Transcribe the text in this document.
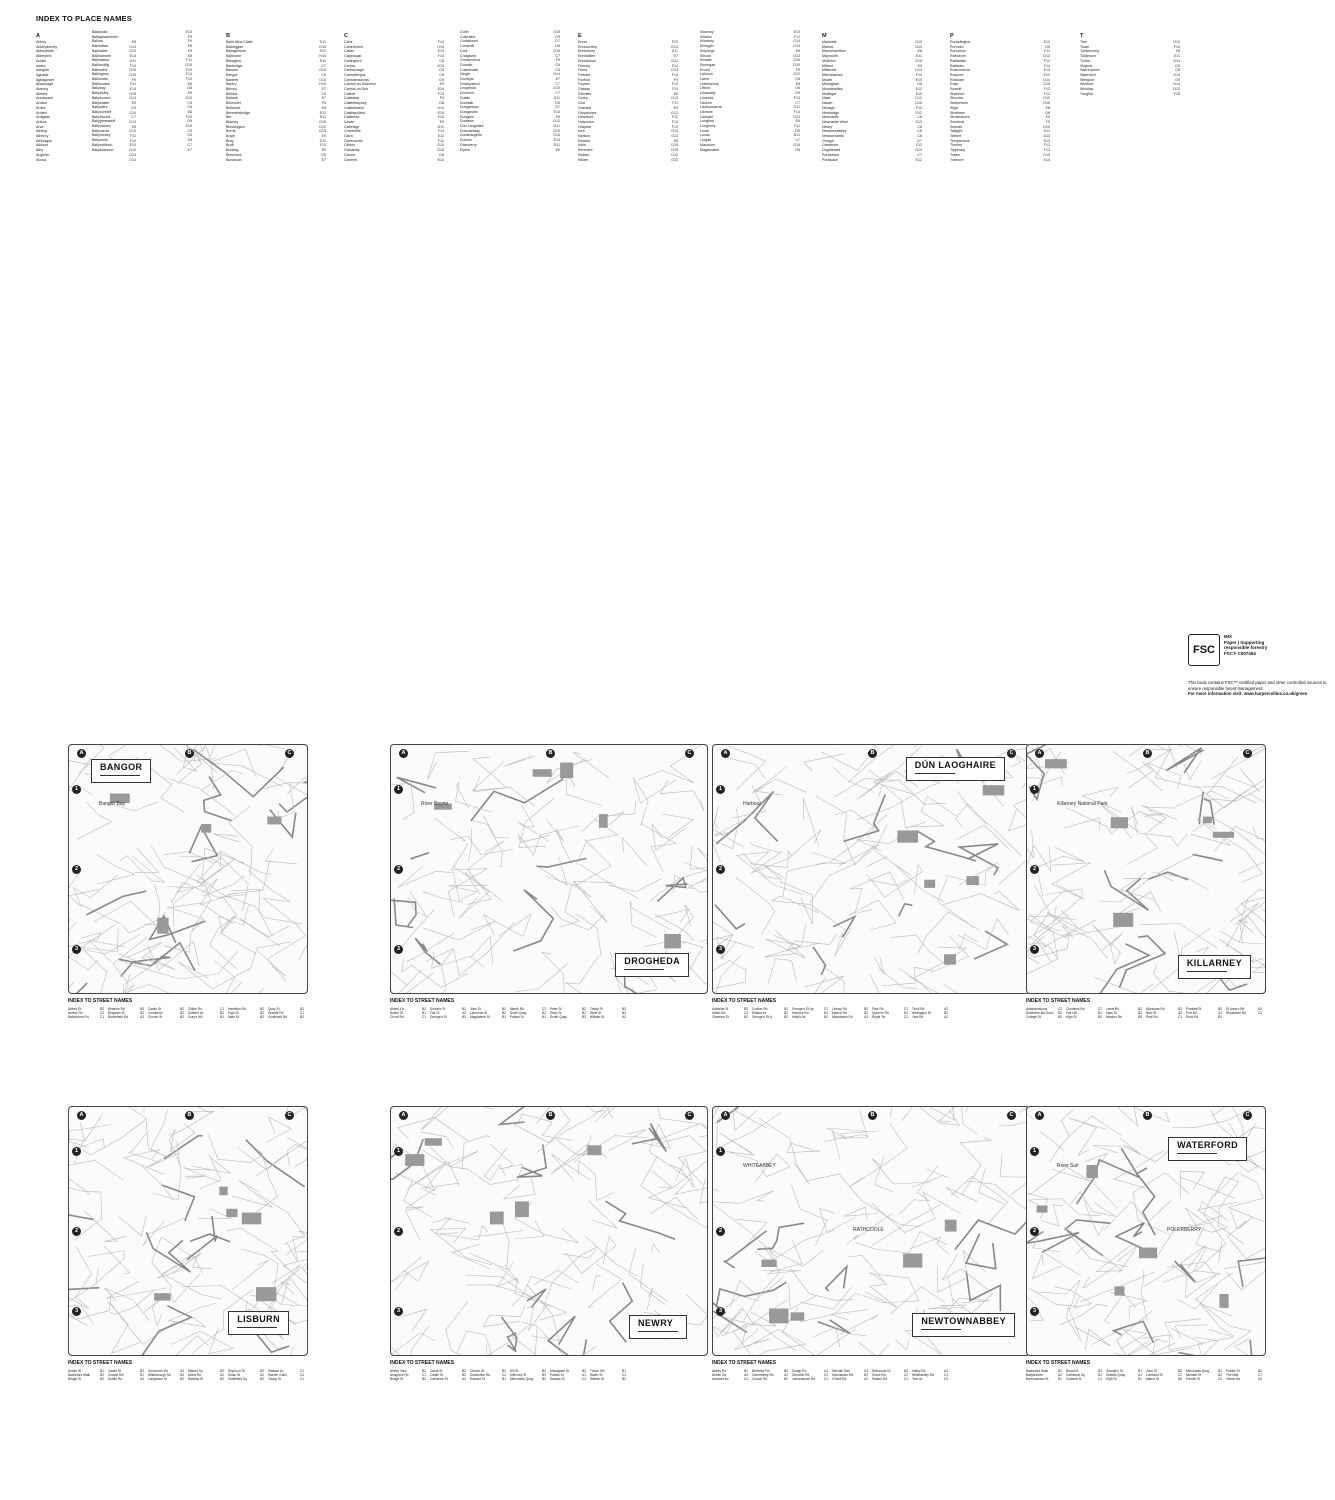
INDEX TO PLACE NAMES
A
Abbey	E8
Abbeydorney	G14
Abbeyfeale	G13
Abbeyleix	E14
Aclare	G11
Adare	F13
Adrigole	H15
Aghada	G15
Aghagower	F9
Ahascragh	F11
Ahenny	E14
Allihies	H15
Annascaul	G14
Ardara	E5
Ardee	D9
Ardfert	G14
Ardglass	C7
Arklow	D13
Arva	E8
Athboy	D10
Athenry	F11
Athleague	F10
Athlone	E10
Athy	D12
Aughrim	D13
Avoca	D13
Ballacolla	E13
Ballaghaderreen	F9
Ballina	F9
Ballinafad	E8
Ballinalee	E9
Ballinamore	E8
Ballinasloe	F11
Ballincollig	G15
Ballindine	F10
Ballingarry	F13
Ballinrobe	F10
Ballisodare	E8
Ballybay	D8
Ballybofey	E6
Ballybunion	G13
Ballycastle	C5
Ballyclare	C6
Ballyconnell	E8
Ballyhaunis	F10
Ballyjamesduff	D9
Ballymahon	E10
Ballymena	C6
Ballymoney	C5
Ballymote	E8
Ballynahinch	C7
Ballyshannon	E7
B
Baile Átha Cliath	D11
Balbriggan	D10
Ballaghmore	E12
Baltimore	H16
Banagher	E11
Banbridge	C7
Bandon	G15
Bangor	C6
Banteer	G14
Bantry	H15
Belcoo	E7
Belfast	C6
Belleek	E7
Belmullet	F8
Belturbet	E8
Bennettsbridge	E13
Birr	E11
Blarney	G15
Blessington	D12
Borris	D13
Boyle	E9
Bray	D11
Bruff	F13
Bunbeg	E5
Buncrana	D5
Bundoran	E7
C
Cahir	F14
Cahirciveen	H15
Callan	E13
Cappoquin	F14
Carlingford	C8
Carlow	D13
Carndonagh	D5
Carrickfergus	C6
Carrickmacross	D9
Carrick-on-Shannon	E9
Carrick-on-Suir	E14
Cashel	F13
Castlebar	F9
Castleblayney	D8
Castleisland	G14
Castlepollard	E10
Castlerea	F10
Cavan	E9
Celbridge	D11
Charleville	F14
Clara	E11
Claremorris	F10
Clifden	G10
Clonakilty	G15
Clones	D8
Clonmel	E14
Cobh	G15
Coleraine	D5
Cookstown	D7
Cootehill	D8
Cork	G15
Craigavon	C7
Crossmolina	F9
Crumlin	C6
Cushendall	C5
Dingle	H14
Donegal	E7
Downpatrick	C7
Drogheda	D10
Dromore	C7
Dublin	D11
Dundalk	D9
Dungannon	D7
Dungarvan	E14
Dunglow	E6
Dunlavin	D12
Dún Laoghaire	D11
Dunmanway	G15
Dunshaughlin	D10
Durrow	E13
Edenderry	D11
Elphin	E9
E
Ennis	F12
Enniscorthy	D13
Enniskerry	D11
Enniskillen	E7
Ennistimon	G12
Fermoy	F14
Ferns	D13
Fethard	F14
Foxford	F9
Foynes	F13
Galway	F11
Glenties	E6
Gorey	D13
Gort	F11
Granard	E9
Greystones	D12
Headford	F10
Holycross	F13
Hospital	F13
Inch	G14
Kanturk	G14
Keadue	E8
Kells	D10
Kenmare	H15
Kildare	D12
Kilkee	G13
Kilkenny	E13
Killaloe	F12
Killarney	G14
Killorglin	G14
Killybegs	E6
Kilrush	G13
Kinsale	G15
Kinnegad	D10
Knock	F9
Lahinch	G12
Larne	C6
Letterkenny	E5
Lifford	D6
Limavady	D5
Limerick	F13
Lisburn	C7
Lisdoonvarna	G11
Lismore	F14
Listowel	G13
Longford	E9
Loughrea	F11
Louth	D9
Lucan	D11
Lurgan	C7
Macroom	G15
Magherafelt	D6
M
Malahide	D10
Mallow	G14
Manorhamilton	E8
Maynooth	D11
Midleton	G15
Milford	E5
Millstreet	G14
Mitchelstown	F14
Moate	E10
Monaghan	D8
Mountmellick	E12
Mullingar	E10
Naas	D12
Navan	D10
Nenagh	F12
Newbridge	D12
Newcastle	C8
Newcastle West	G13
Newry	C8
Newtownabbey	C6
Newtownards	C6
Omagh	D7
Oranmore	F11
Oughterard	G10
Portadown	C7
Portlaoise	E12
P
Portarlington	E12
Portrush	D5
Portumna	F11
Rathdrum	D12
Rathkeale	F13
Rathluirc	F14
Roscommon	E10
Roscrea	E12
Rosslare	D14
Rush	D10
Scarriff	F12
Shannon	F12
Skerries	D10
Skibbereen	H16
Sligo	E8
Strabane	D6
Strokestown	E9
Swinford	F9
Swords	D10
Tallaght	D11
Tarbert	G13
Templemore	E13
Thurles	F13
Tipperary	F13
Tralee	G14
Tramore	E14
T
Trim	D10
Tuam	F10
Tubbercurry	F8
Tullamore	E11
Tullow	D13
Virginia	D9
Warrenpoint	C8
Waterford	E14
Westport	G9
Wexford	D14
Wicklow	D12
Youghal	F15
FSC
MIX
Paper | Supporting
responsible forestry
FSC® C007494
This book contains FSC™ certified paper and other controlled sources to ensure responsible forest management.
For more information visit: www.harpercollins.co.uk/green
A	B	C
1
2
3
Bangor Bay
BANGOR
INDEX TO STREET NAMES
Abbey St	B2
Ashley Rd	C3
Ballyholme Rd	C1
Beatrice Rd	B3
Bingham St	B2
Bloomfield Rd	A3
Castle St	B2
Central Av	B2
Church St	B2
Clifton Rd	C1
Dufferin Av	B2
Gray's Hill	B1
Hamilton Rd	B2
High St	B2
Main St	B2
Quay St	B1
Seacliff Rd	C1
Southwell Rd	B2
A	B	C
1
2
3
River Boyne
DROGHEDA
INDEX TO STREET NAMES
Abbey La	B2
Bolton St	B1
Chord Rd	C1
Dominic St	B2
Fair St	A2
George's St	B2
John St	B2
Laurence St	B2
Magdalene St	B1
Marsh Rd	C2
North Quay	B2
Palace St	B1
Peter St	B2
Shop St	B2
South Quay	B3
Trinity St	B3
West St	B2
William St	A2
A	B	C
1
2
3
Harbour
DÚN LAOGHAIRE
INDEX TO STREET NAMES
Adelaide St	B2
Albert Rd	C3
Clarence St	B2
Crofton Rd	B1
Eblana Av	B2
George's St Lr	B2
George's St Up	C2
Harbour Rd	B1
Kelly's Av	B2
Library Rd	B2
Marine Rd	B2
Mounttown Rd	A3
Park Rd	C2
Queen's Rd	B1
Royal Ter	C2
Tivoli Rd	A2
Wellington St	B2
York Rd	A2
A	B	C
1
2
3
Killarney National Park
KILLARNEY
INDEX TO STREET NAMES
Ardshanavooly	C2
Bohereen Na Goun B2
College St	B2
Countess Rd	C2
Fair Hill	B1
High St	B2
Lewis Rd	B1
Main St	B2
Mission Rd	B3
Muckross Rd	B3
New St	A2
Park Rd	C1
Plunkett St	B2
Port Rd	A1
Rock Rd	B1
St Anne's Rd	A2
Woodlawn Rd	C3
A	B	C
1
2
3
LISBURN
INDEX TO STREET NAMES
Antrim St	B1
Bachelors Walk	B2
Bridge St	B2
Castle St	B2
Chapel Hill	B1
Dublin Rd	A3
Governors Rd	A3
Hillsborough Rd	B3
Longstone St	B2
Market Sq	B2
Moira Rd	A2
Railway St	B2
Seymour St	B2
Sloan St	A2
Smithfield Sq	B2
Wallace Av	C1
Warren Gdns	C2
Young St	C1
A	B	C
1
2
3
NEWRY
INDEX TO STREET NAMES
Abbey Yard	B2
Ashgrove Rd	C1
Bridge St	B2
Canal St	B2
Castle St	B2
Catherine St	A2
Church St	B2
Downshire Rd	C2
Edward St	B1
Hill St	B2
Kilmorey St	B3
Merchants Quay	B2
Monaghan St	B2
Patrick St	A1
Sandys St	C2
Trevor Hill	B1
Water St	C3
William St	B2
A	B	C
1
2
3
WHITEABBEY
RATHCOOLE
NEWTOWNABBEY
INDEX TO STREET NAMES
Abbey Rd	B1
Antrim Rd	A3
Ardmore Av	C2
Beverley Rd	B2
Carnmoney Rd	A1
Church Rd	B2
Doagh Rd	A1
Glenville Rd	C2
Jordanstown Rd	C1
Merville Gdn	C3
Monkstown Rd	B1
O'Neill Rd	A2
Rathcoole Dr	B2
Shore Rd	C2
Station Rd	C1
Valley Rd	A2
Whiteabbey Rd	C1
York Av	C3
A	B	C
1
2
3
River Suir
POLERBERRY
WATERFORD
INDEX TO STREET NAMES
Bachelors Walk	B2
Ballybricken	A2
Barronstrand St	B1
Broad St	B2
Cathedral Sq	B1
Colbeck St	C1
George's St	B1
Grattan Quay	A1
High St	B1
John St	B2
Lombard St	C2
Manor St	B3
Merchants Quay	B1
Michael St	B2
Parnell St	C2
Patrick St	B2
The Mall	C1
Yellow Rd	A3
